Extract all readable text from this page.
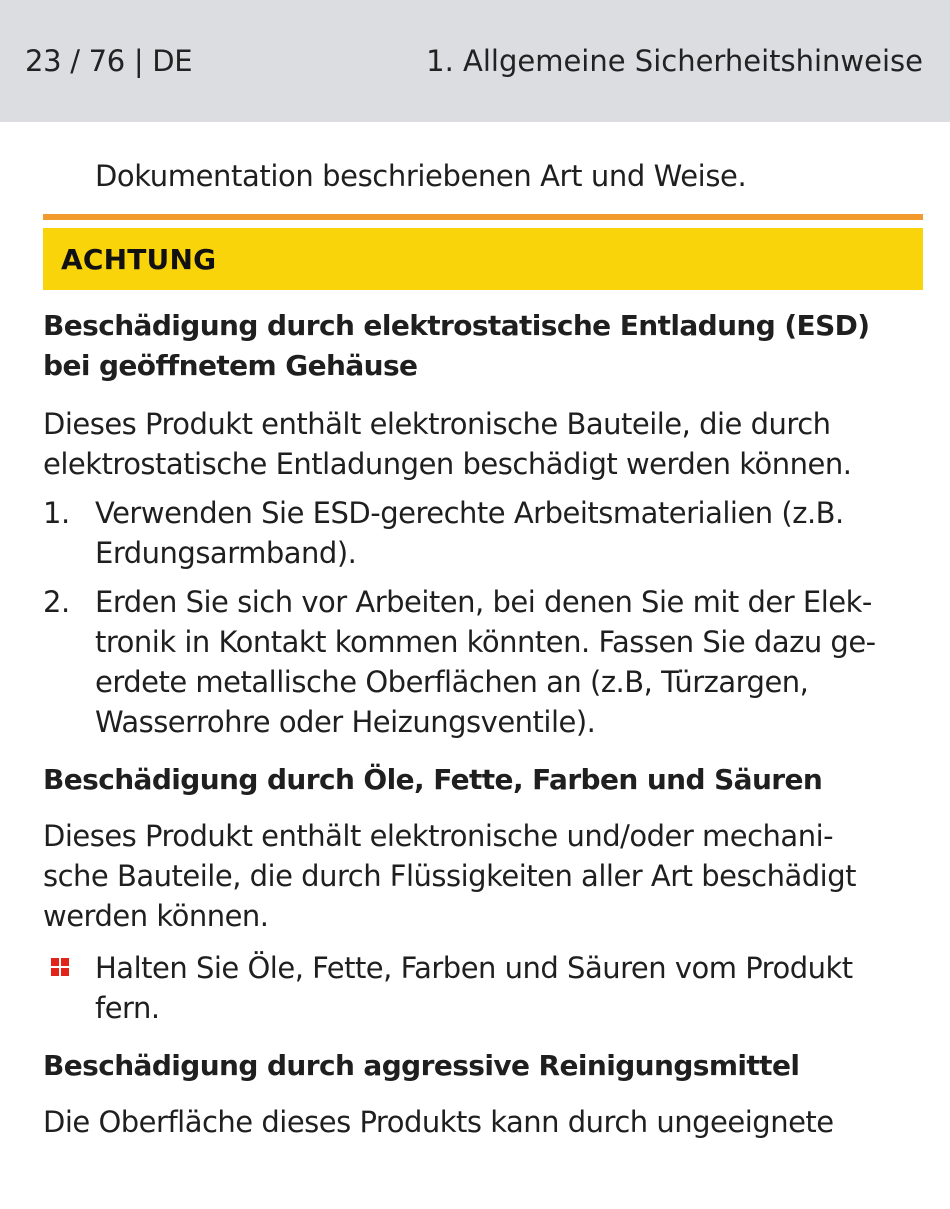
23 / 76 | DE	1. Allgemeine Sicherheitshinweise
Dokumentation beschriebenen Art und Weise.
ACHTUNG
Beschädigung durch elektrostatische Entladung (ESD)
bei geöffnetem Gehäuse

Dieses Produkt enthält elektronische Bauteile, die durch
elektrostatische Entladungen beschädigt werden können.

1. Verwenden Sie ESD-gerechte Arbeitsmaterialien (z.B.
Erdungsarmband).
2. Erden Sie sich vor Arbeiten, bei denen Sie mit der Elek-
tronik in Kontakt kommen könnten. Fassen Sie dazu ge-
erdete metallische Oberflächen an (z.B, Türzargen,
Wasserrohre oder Heizungsventile).
Beschädigung durch Öle, Fette, Farben und Säuren

Dieses Produkt enthält elektronische und/oder mechani-
sche Bauteile, die durch Flüssigkeiten aller Art beschädigt
werden können.

Halten Sie Öle, Fette, Farben und Säuren vom Produkt
fern.
Beschädigung durch aggressive Reinigungsmittel

Die Oberfläche dieses Produkts kann durch ungeeignete
